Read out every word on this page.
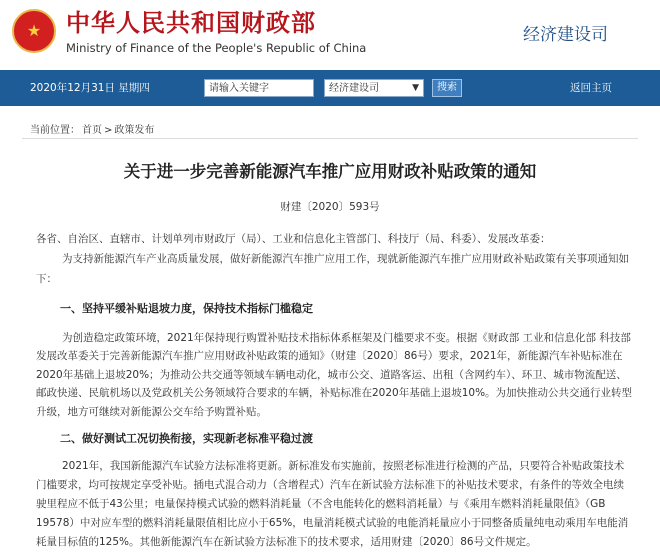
★ 中华人民共和国财政部
Ministry of Finance of the People's Republic of China
经济建设司
2020年12月31日 星期四	请输入关键字	经济建设司	▼	搜索	返回主页
当前位置： 首页 > 政策发布
关于进一步完善新能源汽车推广应用财政补贴政策的通知
财建〔2020〕593号
各省、自治区、直辖市、计划单列市财政厅（局）、工业和信息化主管部门、科技厅（局、科委）、发展改革委：
为支持新能源汽车产业高质量发展，做好新能源汽车推广应用工作，现就新能源汽车推广应用财政补贴政策有关事项通知如下：
一、坚持平缓补贴退坡力度，保持技术指标门槛稳定
为创造稳定政策环境，2021年保持现行购置补贴技术指标体系框架及门槛要求不变。根据《财政部 工业和信息化部 科技部 发展改革委关于完善新能源汽车推广应用财政补贴政策的通知》（财建〔2020〕86号）要求，2021年，新能源汽车补贴标准在2020年基础上退坡20%；为推动公共交通等领域车辆电动化，城市公交、道路客运、出租（含网约车）、环卫、城市物流配送、邮政快递、民航机场以及党政机关公务领域符合要求的车辆，补贴标准在2020年基础上退坡10%。为加快推动公共交通行业转型升级，地方可继续对新能源公交车给予购置补贴。
二、做好测试工况切换衔接，实现新老标准平稳过渡
2021年，我国新能源汽车试验方法标准将更新。新标准发布实施前，按照老标准进行检测的产品，只要符合补贴政策技术门槛要求，均可按规定享受补贴。插电式混合动力（含增程式）汽车在新试验方法标准下的补贴技术要求，有条件的等效全电续驶里程应不低于43公里；电量保持模式试验的燃料消耗量（不含电能转化的燃料消耗量）与《乘用车燃料消耗量限值》（GB 19578）中对应车型的燃料消耗量限值相比应小于65%，电量消耗模式试验的电能消耗量应小于同整备质量纯电动乘用车电能消耗量目标值的125%。其他新能源汽车在新试验方法标准下的技术要求，适用财建〔2020〕86号文件规定。
